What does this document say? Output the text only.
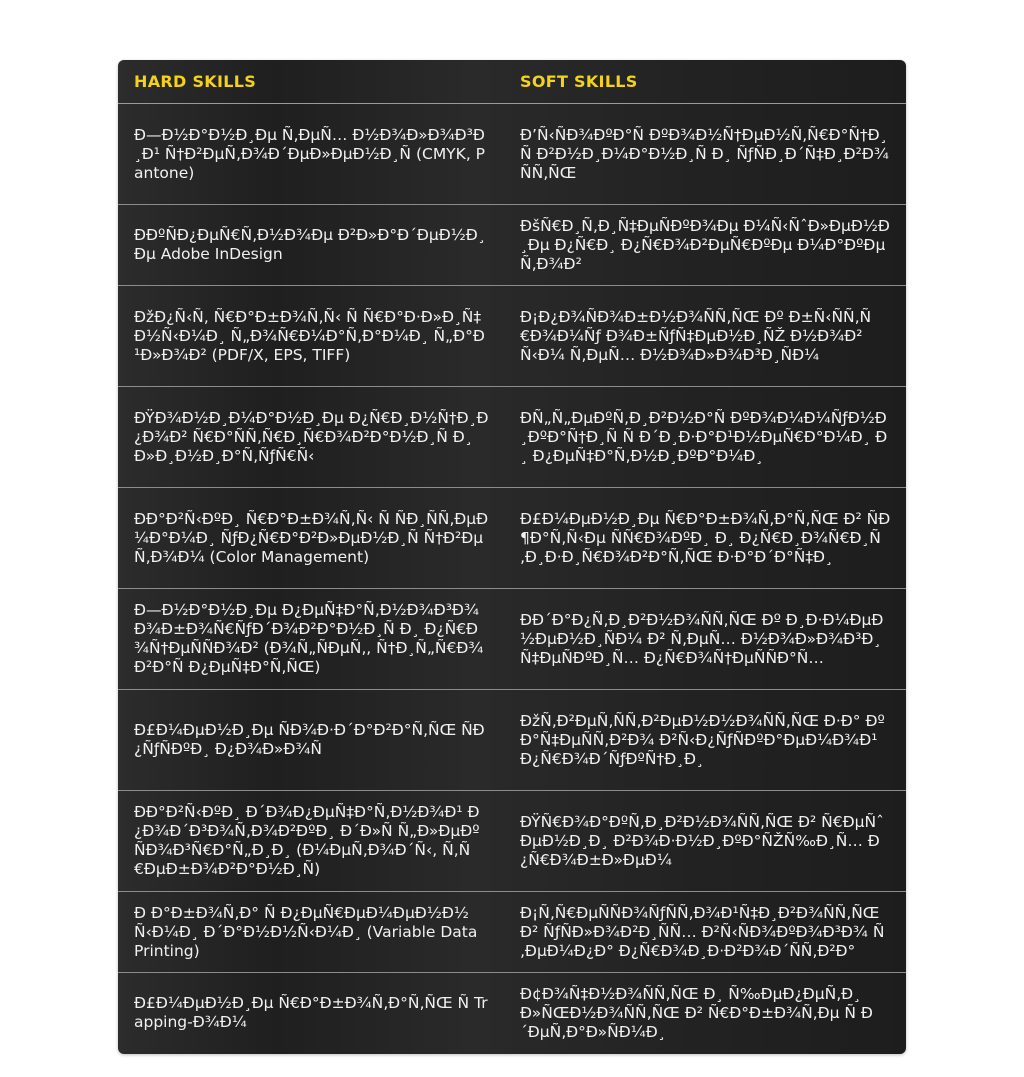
HARD SKILLS	SOFT SKILLS
Ð—Ð½Ð°Ð½Ð¸Ðµ Ñ‚ÐµÑ… Ð½Ð¾Ð»Ð¾Ð³Ð¸Ð¹ Ñ†Ð²ÐµÑ‚Ð¾Ð´ÐµÐ»ÐµÐ½Ð¸Ñ (CMYK, Pantone)	Ð’Ñ‹ÑÐ¾ÐºÐ°Ñ ÐºÐ¾Ð½Ñ†ÐµÐ½Ñ‚Ñ€Ð°Ñ†Ð¸Ñ Ð²Ð½Ð¸Ð¼Ð°Ð½Ð¸Ñ Ð¸ ÑƒÑÐ¸Ð´Ñ‡Ð¸Ð²Ð¾ÑÑ‚ÑŒ
ÐÐºÑÐ¿ÐµÑ€Ñ‚Ð½Ð¾Ðµ Ð²Ð»Ð°Ð´ÐµÐ½Ð¸Ðµ Adobe InDesign	ÐšÑ€Ð¸Ñ‚Ð¸Ñ‡ÐµÑÐºÐ¾Ðµ Ð¼Ñ‹ÑˆÐ»ÐµÐ½Ð¸Ðµ Ð¿Ñ€Ð¸ Ð¿Ñ€Ð¾Ð²ÐµÑ€ÐºÐµ Ð¼Ð°ÐºÐµÑ‚Ð¾Ð²
ÐžÐ¿Ñ‹Ñ‚ Ñ€Ð°Ð±Ð¾Ñ‚Ñ‹ Ñ Ñ€Ð°Ð·Ð»Ð¸Ñ‡Ð½Ñ‹Ð¼Ð¸ Ñ„Ð¾Ñ€Ð¼Ð°Ñ‚Ð°Ð¼Ð¸ Ñ„Ð°Ð¹Ð»Ð¾Ð² (PDF/X, EPS, TIFF)	Ð¡Ð¿Ð¾ÑÐ¾Ð±Ð½Ð¾ÑÑ‚ÑŒ Ðº Ð±Ñ‹ÑÑ‚Ñ€Ð¾Ð¼Ñƒ Ð¾Ð±ÑƒÑ‡ÐµÐ½Ð¸ÑŽ Ð½Ð¾Ð²Ñ‹Ð¼ Ñ‚ÐµÑ… Ð½Ð¾Ð»Ð¾Ð³Ð¸ÑÐ¼
ÐŸÐ¾Ð½Ð¸Ð¼Ð°Ð½Ð¸Ðµ Ð¿Ñ€Ð¸Ð½Ñ†Ð¸Ð¿Ð¾Ð² Ñ€Ð°ÑÑ‚Ñ€Ð¸Ñ€Ð¾Ð²Ð°Ð½Ð¸Ñ Ð¸ Ð»Ð¸Ð½Ð¸Ð°Ñ‚ÑƒÑ€Ñ‹	ÐÑ„Ñ„ÐµÐºÑ‚Ð¸Ð²Ð½Ð°Ñ ÐºÐ¾Ð¼Ð¼ÑƒÐ½Ð¸ÐºÐ°Ñ†Ð¸Ñ Ñ Ð´Ð¸Ð·Ð°Ð¹Ð½ÐµÑ€Ð°Ð¼Ð¸ Ð¸ Ð¿ÐµÑ‡Ð°Ñ‚Ð½Ð¸ÐºÐ°Ð¼Ð¸
ÐÐ°Ð²Ñ‹ÐºÐ¸ Ñ€Ð°Ð±Ð¾Ñ‚Ñ‹ Ñ ÑÐ¸ÑÑ‚ÐµÐ¼Ð°Ð¼Ð¸ ÑƒÐ¿Ñ€Ð°Ð²Ð»ÐµÐ½Ð¸Ñ Ñ†Ð²ÐµÑ‚Ð¾Ð¼ (Color Management)	Ð£Ð¼ÐµÐ½Ð¸Ðµ Ñ€Ð°Ð±Ð¾Ñ‚Ð°Ñ‚ÑŒ Ð² ÑÐ¶Ð°Ñ‚Ñ‹Ðµ ÑÑ€Ð¾ÐºÐ¸ Ð¸ Ð¿Ñ€Ð¸Ð¾Ñ€Ð¸Ñ‚Ð¸Ð·Ð¸Ñ€Ð¾Ð²Ð°Ñ‚ÑŒ Ð·Ð°Ð´Ð°Ñ‡Ð¸
Ð—Ð½Ð°Ð½Ð¸Ðµ Ð¿ÐµÑ‡Ð°Ñ‚Ð½Ð¾Ð³Ð¾ Ð¾Ð±Ð¾Ñ€ÑƒÐ´Ð¾Ð²Ð°Ð½Ð¸Ñ Ð¸ Ð¿Ñ€Ð¾Ñ†ÐµÑÑÐ¾Ð² (Ð¾Ñ„ÑÐµÑ‚, Ñ†Ð¸Ñ„Ñ€Ð¾Ð²Ð°Ñ Ð¿ÐµÑ‡Ð°Ñ‚ÑŒ)	ÐÐ´Ð°Ð¿Ñ‚Ð¸Ð²Ð½Ð¾ÑÑ‚ÑŒ Ðº Ð¸Ð·Ð¼ÐµÐ½ÐµÐ½Ð¸ÑÐ¼ Ð² Ñ‚ÐµÑ… Ð½Ð¾Ð»Ð¾Ð³Ð¸Ñ‡ÐµÑÐºÐ¸Ñ… Ð¿Ñ€Ð¾Ñ†ÐµÑÑÐ°Ñ…
Ð£Ð¼ÐµÐ½Ð¸Ðµ ÑÐ¾Ð·Ð´Ð°Ð²Ð°Ñ‚ÑŒ ÑÐ¿ÑƒÑÐºÐ¸ Ð¿Ð¾Ð»Ð¾Ñ	ÐžÑ‚Ð²ÐµÑ‚ÑÑ‚Ð²ÐµÐ½Ð½Ð¾ÑÑ‚ÑŒ Ð·Ð° ÐºÐ°Ñ‡ÐµÑÑ‚Ð²Ð¾ Ð²Ñ‹Ð¿ÑƒÑÐºÐ°ÐµÐ¼Ð¾Ð¹ Ð¿Ñ€Ð¾Ð´ÑƒÐºÑ†Ð¸Ð¸
ÐÐ°Ð²Ñ‹ÐºÐ¸ Ð´Ð¾Ð¿ÐµÑ‡Ð°Ñ‚Ð½Ð¾Ð¹ Ð¿Ð¾Ð´Ð³Ð¾Ñ‚Ð¾Ð²ÐºÐ¸ Ð´Ð»Ñ Ñ„Ð»ÐµÐºÑÐ¾Ð³Ñ€Ð°Ñ„Ð¸Ð¸ (Ð¼ÐµÑ‚Ð¾Ð´Ñ‹, Ñ‚Ñ€ÐµÐ±Ð¾Ð²Ð°Ð½Ð¸Ñ)	ÐŸÑ€Ð¾Ð°ÐºÑ‚Ð¸Ð²Ð½Ð¾ÑÑ‚ÑŒ Ð² Ñ€ÐµÑˆÐµÐ½Ð¸Ð¸ Ð²Ð¾Ð·Ð½Ð¸ÐºÐ°ÑŽÑ‰Ð¸Ñ… Ð¿Ñ€Ð¾Ð±Ð»ÐµÐ¼
Ð Ð°Ð±Ð¾Ñ‚Ð° Ñ Ð¿ÐµÑ€ÐµÐ¼ÐµÐ½Ð½Ñ‹Ð¼Ð¸ Ð´Ð°Ð½Ð½Ñ‹Ð¼Ð¸ (Variable Data Printing)	Ð¡Ñ‚Ñ€ÐµÑÑÐ¾ÑƒÑÑ‚Ð¾Ð¹Ñ‡Ð¸Ð²Ð¾ÑÑ‚ÑŒ Ð² ÑƒÑÐ»Ð¾Ð²Ð¸ÑÑ… Ð²Ñ‹ÑÐ¾ÐºÐ¾Ð³Ð¾ Ñ‚ÐµÐ¼Ð¿Ð° Ð¿Ñ€Ð¾Ð¸Ð·Ð²Ð¾Ð´ÑÑ‚Ð²Ð°
Ð£Ð¼ÐµÐ½Ð¸Ðµ Ñ€Ð°Ð±Ð¾Ñ‚Ð°Ñ‚ÑŒ Ñ Trapping-Ð¾Ð¼	Ð¢Ð¾Ñ‡Ð½Ð¾ÑÑ‚ÑŒ Ð¸ Ñ‰ÐµÐ¿ÐµÑ‚Ð¸Ð»ÑŒÐ½Ð¾ÑÑ‚ÑŒ Ð² Ñ€Ð°Ð±Ð¾Ñ‚Ðµ Ñ Ð´ÐµÑ‚Ð°Ð»ÑÐ¼Ð¸
